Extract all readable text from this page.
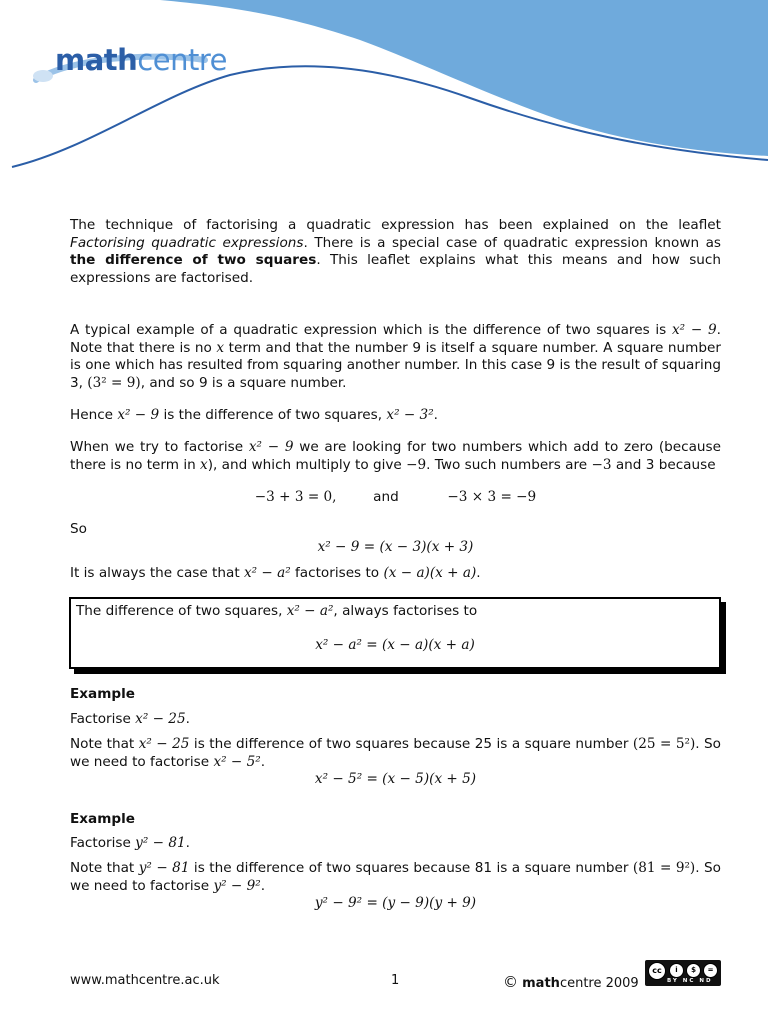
mathcentre
The technique of factorising a quadratic expression has been explained on the leaflet Factorising quadratic expressions. There is a special case of quadratic expression known as the difference of two squares. This leaflet explains what this means and how such expressions are factorised.
A typical example of a quadratic expression which is the difference of two squares is x² − 9. Note that there is no x term and that the number 9 is itself a square number. A square number is one which has resulted from squaring another number. In this case 9 is the result of squaring 3, (3² = 9), and so 9 is a square number.
Hence x² − 9 is the difference of two squares, x² − 3².
When we try to factorise x² − 9 we are looking for two numbers which add to zero (because there is no term in x), and which multiply to give −9. Two such numbers are −3 and 3 because
−3 + 3 = 0,	and	−3 × 3 = −9
So
x² − 9 = (x − 3)(x + 3)
It is always the case that x² − a² factorises to (x − a)(x + a).
The difference of two squares, x² − a², always factorises to
x² − a² = (x − a)(x + a)
Example
Factorise x² − 25.
Note that x² − 25 is the difference of two squares because 25 is a square number (25 = 5²). So we need to factorise x² − 5².
x² − 5² = (x − 5)(x + 5)
Example
Factorise y² − 81.
Note that y² − 81 is the difference of two squares because 81 is a square number (81 = 9²). So we need to factorise y² − 9².
y² − 9² = (y − 9)(y + 9)
www.mathcentre.ac.uk	1	© mathcentre 2009
cc	i	$	=
BY NC ND
